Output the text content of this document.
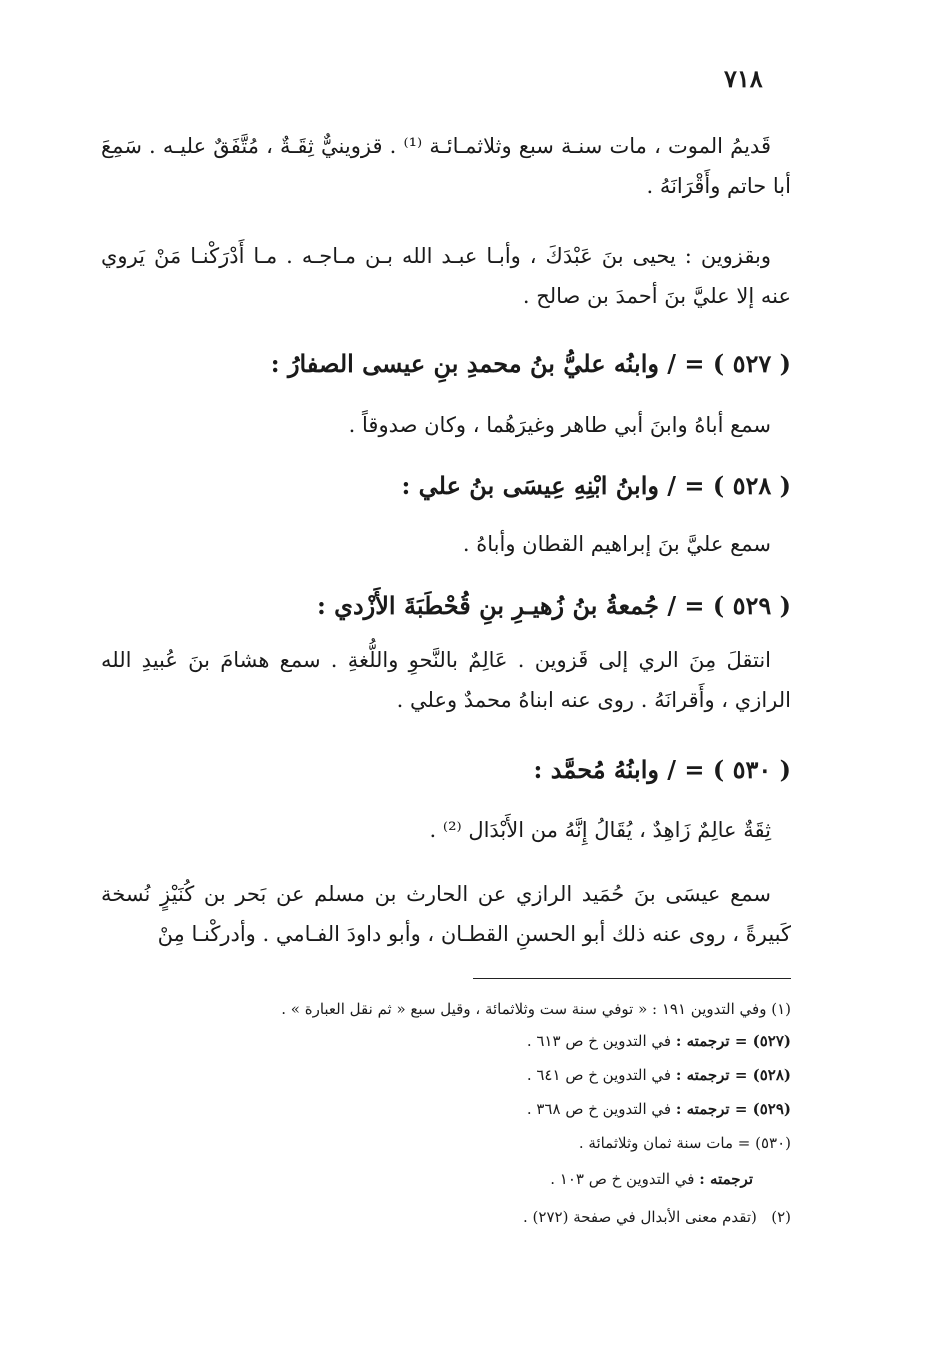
٧١٨

قَديمُ الموت ، مات سنـة سبع وثلاثمـائـة ⁽¹⁾ . قزوينيٌّ ثِقَـةٌ ، مُتَّفَقٌ عليـه . سَمِعَ أبا حاتم وأَقْرَانَهُ .

وبقزوين : يحيى بنَ عَبْدَكَ ، وأبـا عبـد الله بـن مـاجـه . مـا أَدْرَكْنـا مَنْ يَروي عنه إلا عليَّ بنَ أحمدَ بن صالح .

( ٥٢٧ ) = / وابنُه عليُّ بنُ محمدِ بنِ عيسى الصفارُ :

سمع أباهُ وابنَ أبي طاهر وغيرَهُما ، وكان صدوقاً .

( ٥٢٨ ) = / وابنُ ابْنِهِ عِيسَى بنُ علي :

سمع عليَّ بنَ إبراهيم القطان وأباهُ .

( ٥٢٩ ) = / جُمعةُ بنُ زُهيـرِ بنِ قُحْطَبَةَ الأَزْدي :

انتقلَ مِنَ الري إلى قَزوين . عَالِمٌ بالنَّحوِ واللُّغةِ . سمع هشامَ بنَ عُبيدِ الله الرازي ، وأَقرانَهُ . روى عنه ابناهُ محمدٌ وعلي .

( ٥٣٠ ) = / وابنُهُ مُحمَّد :

ثِقَةٌ عالِمٌ زَاهِدٌ ، يُقَالُ إِنَّهُ من الأَبْدَال ⁽²⁾ .

سمع عيسَى بنَ حُمَيد الرازي عن الحارث بن مسلم عن بَحر بن كُنَيْزٍ نُسخة كَبيرةً ، روى عنه ذلك أبو الحسنِ القطـان ، وأبو داودَ الفـامي . وأدركْنـا مِنْ

(١) وفي التدوين ١٩١ : « توفي سنة ست وثلاثمائة ، وقيل سبع « ثم نقل العبارة » .
(٥٢٧) = ترجمته : في التدوين خ ص ٦١٣ .
(٥٢٨) = ترجمته : في التدوين خ ص ٦٤١ .
(٥٢٩) = ترجمته : في التدوين خ ص ٣٦٨ .
(٥٣٠) = مات سنة ثمان وثلاثمائة .
ترجمته : في التدوين خ ص ١٠٣ .
(٢)   (تقدم معنى الأبدال في صفحة (٢٧٢) .
